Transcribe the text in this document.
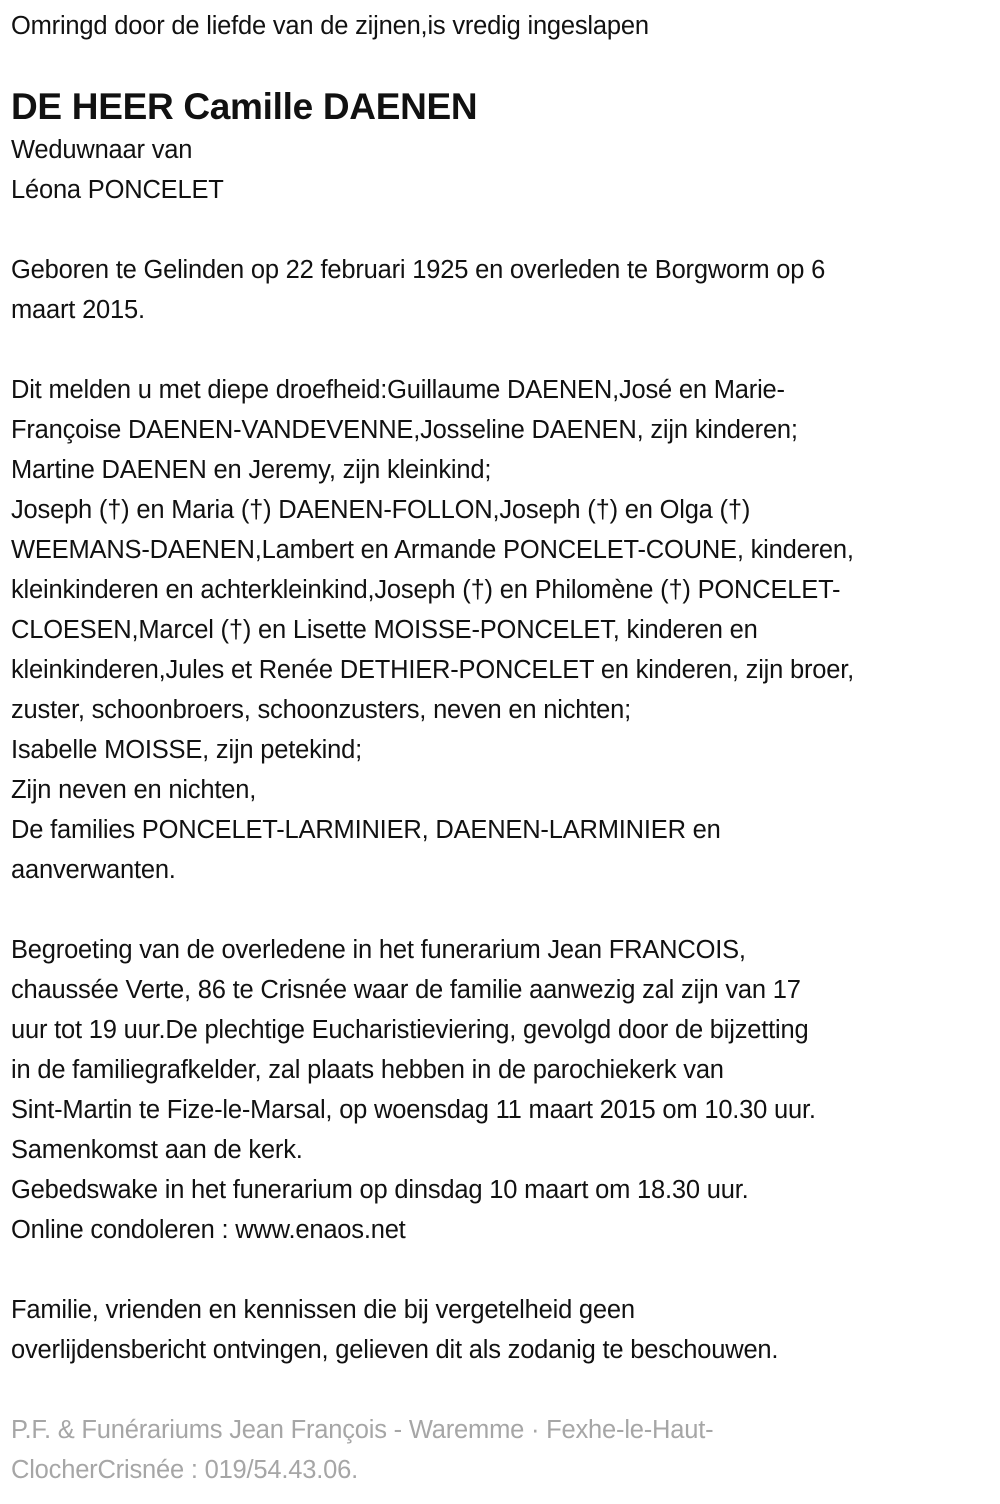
Omringd door de liefde van de zijnen,is vredig ingeslapen

DE HEER Camille DAENEN

Weduwnaar van

Léona PONCELET

Geboren te Gelinden op 22 februari 1925 en overleden te Borgworm op 6

maart 2015.

Dit melden u met diepe droefheid:Guillaume DAENEN,José en Marie-

Françoise DAENEN-VANDEVENNE,Josseline DAENEN, zijn kinderen;

Martine DAENEN en Jeremy, zijn kleinkind;

Joseph (†) en Maria (†) DAENEN-FOLLON,Joseph (†) en Olga (†)

WEEMANS-DAENEN,Lambert en Armande PONCELET-COUNE, kinderen,

kleinkinderen en achterkleinkind,Joseph (†) en Philomène (†) PONCELET-

CLOESEN,Marcel (†) en Lisette MOISSE-PONCELET, kinderen en

kleinkinderen,Jules et Renée DETHIER-PONCELET en kinderen, zijn broer,

zuster, schoonbroers, schoonzusters, neven en nichten;

Isabelle MOISSE, zijn petekind;

Zijn neven en nichten,

De families PONCELET-LARMINIER, DAENEN-LARMINIER en

aanverwanten.

Begroeting van de overledene in het funerarium Jean FRANCOIS,

chaussée Verte, 86 te Crisnée waar de familie aanwezig zal zijn van 17

uur tot 19 uur.De plechtige Eucharistieviering, gevolgd door de bijzetting

in de familiegrafkelder, zal plaats hebben in de parochiekerk van

Sint-Martin te Fize-le-Marsal, op woensdag 11 maart 2015 om 10.30 uur.

Samenkomst aan de kerk.

Gebedswake in het funerarium op dinsdag 10 maart om 18.30 uur.

Online condoleren : www.enaos.net

Familie, vrienden en kennissen die bij vergetelheid geen

overlijdensbericht ontvingen, gelieven dit als zodanig te beschouwen.

P.F. & Funérariums Jean François - Waremme · Fexhe-le-Haut-

ClocherCrisnée : 019/54.43.06.
